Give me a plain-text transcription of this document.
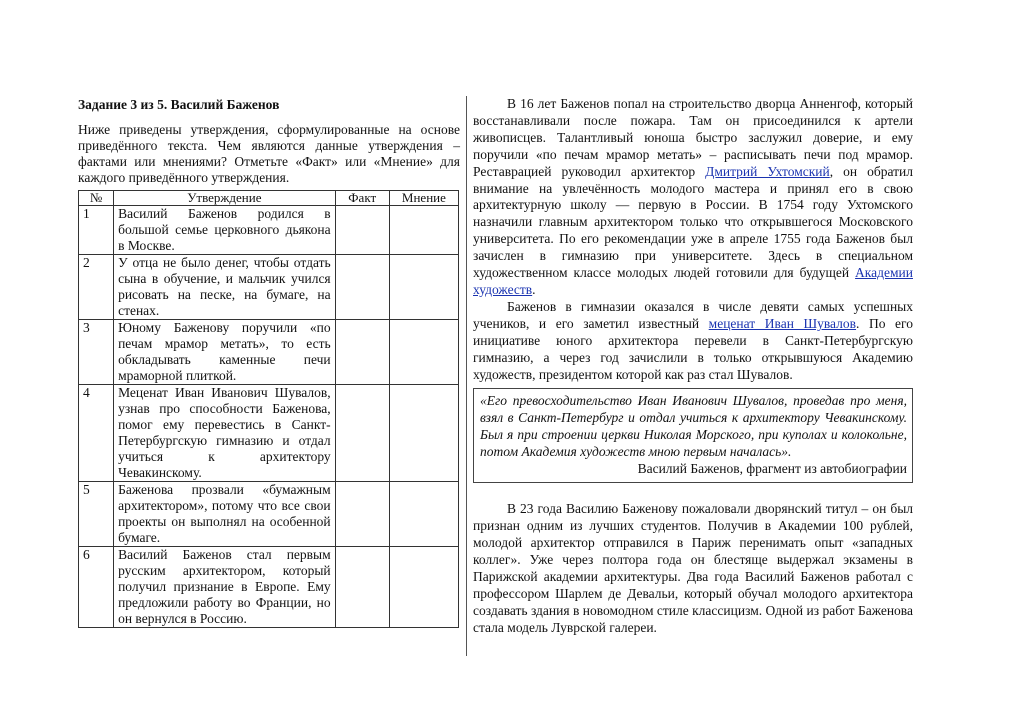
Задание 3 из 5. Василий Баженов

Ниже приведены утверждения, сформулированные на основе приведённого текста. Чем являются данные утверждения – фактами или мнениями? Отметьте «Факт» или «Мнение» для каждого приведённого утверждения.

№	Утверждение	Факт	Мнение
1	Василий Баженов родился в большой семье церковного дьякона в Москве.		
2	У отца не было денег, чтобы отдать сына в обучение, и мальчик учился рисовать на песке, на бумаге, на стенах.		
3	Юному Баженову поручили «по печам мрамор метать», то есть обкладывать каменные печи мраморной плиткой.		
4	Меценат Иван Иванович Шувалов, узнав про способности Баженова, помог ему перевестись в Санкт-Петербургскую гимназию и отдал учиться к архитектору Чевакинскому.		
5	Баженова прозвали «бумажным архитектором», потому что все свои проекты он выполнял на особенной бумаге.		
6	Василий Баженов стал первым русским архитектором, который получил признание в Европе. Ему предложили работу во Франции, но он вернулся в Россию.		

В 16 лет Баженов попал на строительство дворца Анненгоф, который восстанавливали после пожара. Там он присоединился к артели живописцев. Талантливый юноша быстро заслужил доверие, и ему поручили «по печам мрамор метать» – расписывать печи под мрамор. Реставрацией руководил архитектор Дмитрий Ухтомский, он обратил внимание на увлечённость молодого мастера и принял его в свою архитектурную школу — первую в России. В 1754 году Ухтомского назначили главным архитектором только что открывшегося Московского университета. По его рекомендации уже в апреле 1755 года Баженов был зачислен в гимназию при университете. Здесь в специальном художественном классе молодых людей готовили для будущей Академии художеств.

Баженов в гимназии оказался в числе девяти самых успешных учеников, и его заметил известный меценат Иван Шувалов. По его инициативе юного архитектора перевели в Санкт-Петербургскую гимназию, а через год зачислили в только открывшуюся Академию художеств, президентом которой как раз стал Шувалов.

«Его превосходительство Иван Иванович Шувалов, проведав про меня, взял в Санкт-Петербург и отдал учиться к архитектору Чевакинскому. Был я при строении церкви Николая Морского, при куполах и колокольне, потом Академия художеств мною первым началась».

Василий Баженов, фрагмент из автобиографии

В 23 года Василию Баженову пожаловали дворянский титул – он был признан одним из лучших студентов. Получив в Академии 100 рублей, молодой архитектор отправился в Париж перенимать опыт «западных коллег». Уже через полтора года он блестяще выдержал экзамены в Парижской академии архитектуры. Два года Василий Баженов работал с профессором Шарлем де Девальи, который обучал молодого архитектора создавать здания в новомодном стиле классицизм. Одной из работ Баженова стала модель Луврской галереи.
